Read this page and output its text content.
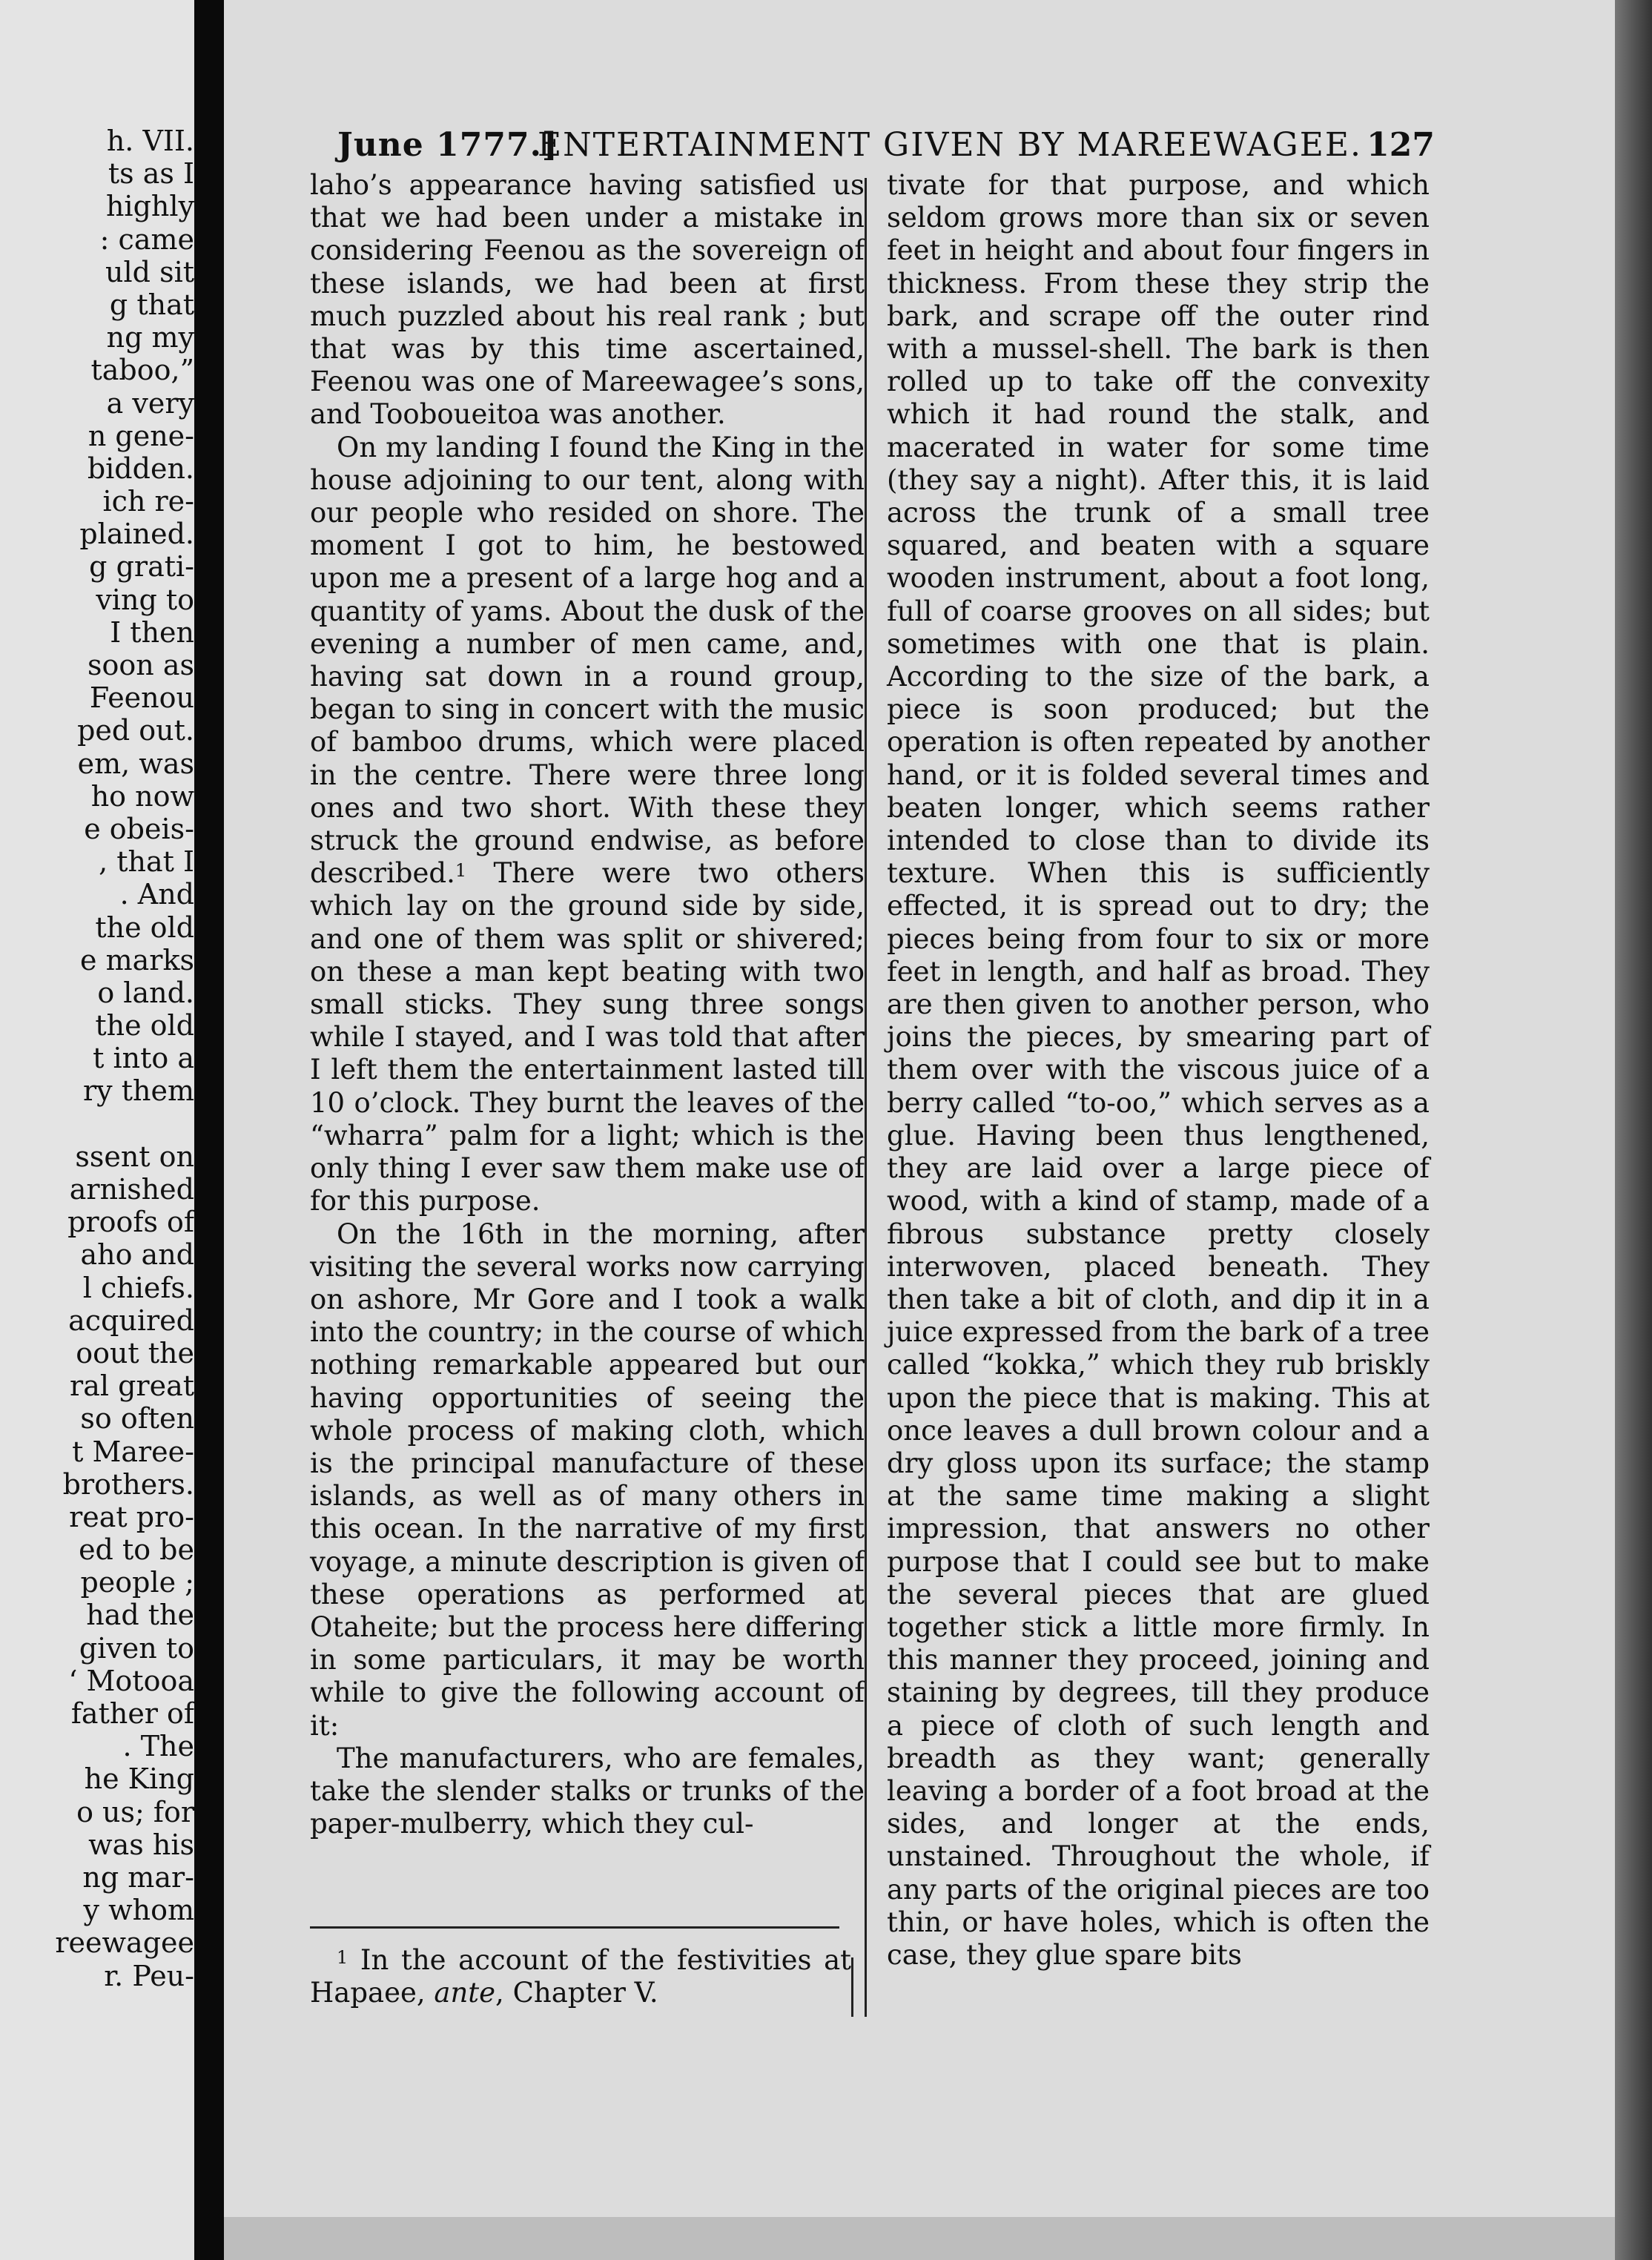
h. VII.
ts as I
highly
: came
uld sit
g that
ng my
taboo,”
a very
n gene-
bidden.
ich re-
plained.
g grati-
ving to
I then
soon as
Feenou
ped out.
em, was
ho now
e obeis-
, that I
. And
the old
e marks
o land.
the old
t into a
ry them
ssent on
arnished
proofs of
aho and
l chiefs.
acquired
oout the
ral great
so often
t Maree-
brothers.
reat pro-
ed to be
people ;
had the
given to
‘ Motooa
father of
. The
he King
o us; for
was his
ng mar-
y whom
reewagee
r. Peu-
June 1777.]
ENTERTAINMENT GIVEN BY MAREEWAGEE. 127

laho’s appearance having satisfied us that we had been under a mistake in considering Feenou as the sovereign of these islands, we had been at first much puzzled about his real rank ; but that was by this time ascertained, Feenou was one of Mareewagee’s sons, and Tooboueitoa was another.

On my landing I found the King in the house adjoining to our tent, along with our people who resided on shore. The moment I got to him, he bestowed upon me a present of a large hog and a quantity of yams. About the dusk of the evening a number of men came, and, having sat down in a round group, began to sing in concert with the music of bamboo drums, which were placed in the centre. There were three long ones and two short. With these they struck the ground endwise, as before described.$^1$ There were two others which lay on the ground side by side, and one of them was split or shivered; on these a man kept beating with two small sticks. They sung three songs while I stayed, and I was told that after I left them the entertainment lasted till 10 o’clock. They burnt the leaves of the “wharra” palm for a light; which is the only thing I ever saw them make use of for this purpose.

On the 16th in the morning, after visiting the several works now carrying on ashore, Mr Gore and I took a walk into the country; in the course of which nothing remarkable appeared but our having opportunities of seeing the whole process of making cloth, which is the principal manufacture of these islands, as well as of many others in this ocean. In the narrative of my first voyage, a minute description is given of these operations as performed at Otaheite; but the process here differing in some particulars, it may be worth while to give the following account of it:

The manufacturers, who are females, take the slender stalks or trunks of the paper-mulberry, which they cul-

tivate for that purpose, and which seldom grows more than six or seven feet in height and about four fingers in thickness. From these they strip the bark, and scrape off the outer rind with a mussel-shell. The bark is then rolled up to take off the convexity which it had round the stalk, and macerated in water for some time (they say a night). After this, it is laid across the trunk of a small tree squared, and beaten with a square wooden instrument, about a foot long, full of coarse grooves on all sides; but sometimes with one that is plain. According to the size of the bark, a piece is soon produced; but the operation is often repeated by another hand, or it is folded several times and beaten longer, which seems rather intended to close than to divide its texture. When this is sufficiently effected, it is spread out to dry; the pieces being from four to six or more feet in length, and half as broad. They are then given to another person, who joins the pieces, by smearing part of them over with the viscous juice of a berry called “to-oo,” which serves as a glue. Having been thus lengthened, they are laid over a large piece of wood, with a kind of stamp, made of a fibrous substance pretty closely interwoven, placed beneath. They then take a bit of cloth, and dip it in a juice expressed from the bark of a tree called “kokka,” which they rub briskly upon the piece that is making. This at once leaves a dull brown colour and a dry gloss upon its surface; the stamp at the same time making a slight impression, that answers no other purpose that I could see but to make the several pieces that are glued together stick a little more firmly. In this manner they proceed, joining and staining by degrees, till they produce a piece of cloth of such length and breadth as they want; generally leaving a border of a foot broad at the sides, and longer at the ends, unstained. Throughout the whole, if any parts of the original pieces are too thin, or have holes, which is often the case, they glue spare bits

$^1$ In the account of the festivities at Hapaee, ante, Chapter V.
